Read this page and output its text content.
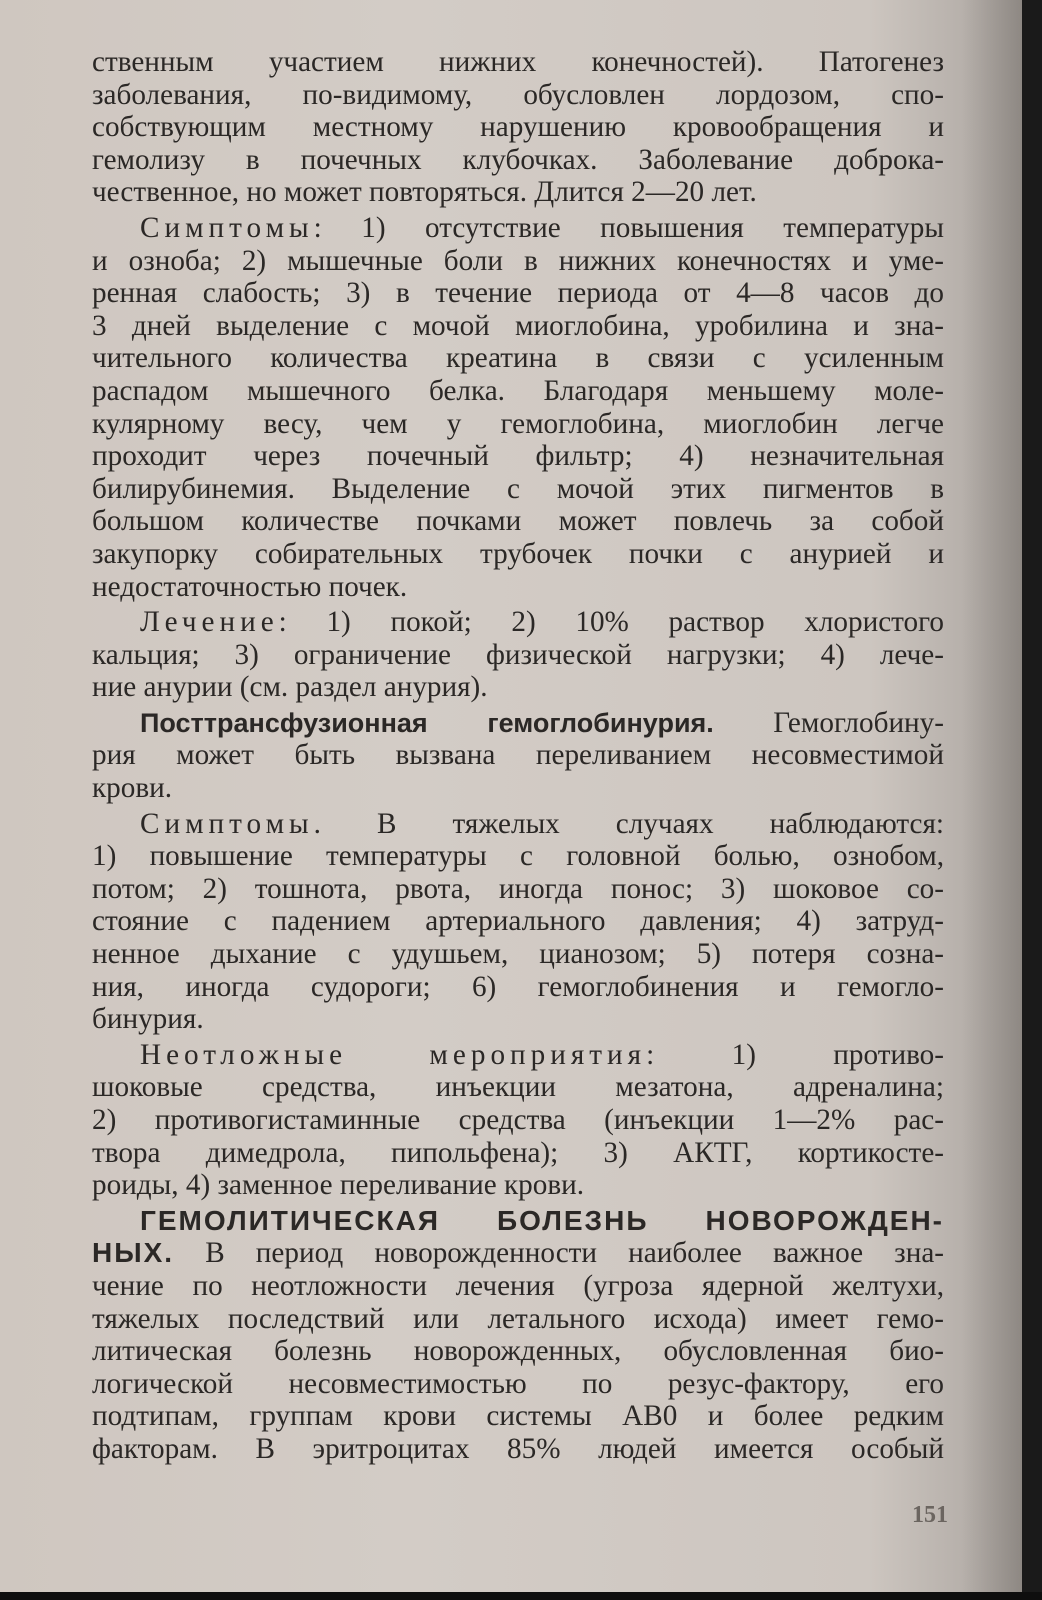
ственным участием нижних конечностей). Патогенез
заболевания, по-видимому, обусловлен лордозом, спо-
собствующим местному нарушению кровообращения и
гемолизу в почечных клубочках. Заболевание доброка-
чественное, но может повторяться. Длится 2—20 лет.
Симптомы: 1) отсутствие повышения температуры
и озноба; 2) мышечные боли в нижних конечностях и уме-
ренная слабость; 3) в течение периода от 4—8 часов до
3 дней выделение с мочой миоглобина, уробилина и зна-
чительного количества креатина в связи с усиленным
распадом мышечного белка. Благодаря меньшему моле-
кулярному весу, чем у гемоглобина, миоглобин легче
проходит через почечный фильтр; 4) незначительная
билирубинемия. Выделение с мочой этих пигментов в
большом количестве почками может повлечь за собой
закупорку собирательных трубочек почки с анурией и
недостаточностью почек.
Лечение: 1) покой; 2) 10% раствор хлористого
кальция; 3) ограничение физической нагрузки; 4) лече-
ние анурии (см. раздел анурия).
Посттрансфузионная гемоглобинурия. Гемоглобину-
рия может быть вызвана переливанием несовместимой
крови.
Симптомы. В тяжелых случаях наблюдаются:
1) повышение температуры с головной болью, ознобом,
потом; 2) тошнота, рвота, иногда понос; 3) шоковое со-
стояние с падением артериального давления; 4) затруд-
ненное дыхание с удушьем, цианозом; 5) потеря созна-
ния, иногда судороги; 6) гемоглобинения и гемогло-
бинурия.
Неотложные мероприятия: 1) противо-
шоковые средства, инъекции мезатона, адреналина;
2) противогистаминные средства (инъекции 1—2% рас-
твора димедрола, пипольфена); 3) АКТГ, кортикосте-
роиды, 4) заменное переливание крови.
ГЕМОЛИТИЧЕСКАЯ БОЛЕЗНЬ НОВОРОЖДЕН-
НЫХ. В период новорожденности наиболее важное зна-
чение по неотложности лечения (угроза ядерной желтухи,
тяжелых последствий или летального исхода) имеет гемо-
литическая болезнь новорожденных, обусловленная био-
логической несовместимостью по резус-фактору, его
подтипам, группам крови системы АВ0 и более редким
факторам. В эритроцитах 85% людей имеется особый
151
